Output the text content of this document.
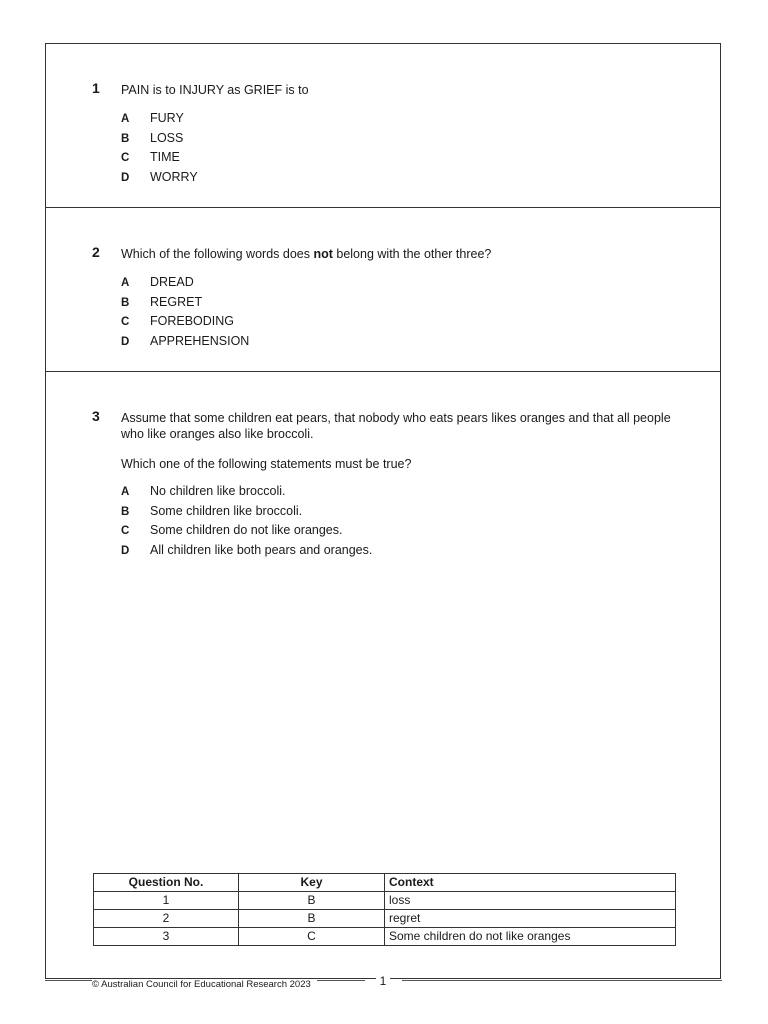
1 PAIN is to INJURY as GRIEF is to
A FURY
B LOSS
C TIME
D WORRY
2 Which of the following words does not belong with the other three?
A DREAD
B REGRET
C FOREBODING
D APPREHENSION
3 Assume that some children eat pears, that nobody who eats pears likes oranges and that all people who like oranges also like broccoli.
Which one of the following statements must be true?
A No children like broccoli.
B Some children like broccoli.
C Some children do not like oranges.
D All children like both pears and oranges.
Question No.	Key	Context
1	B	loss
2	B	regret
3	C	Some children do not like oranges
© Australian Council for Educational Research 2023	1
